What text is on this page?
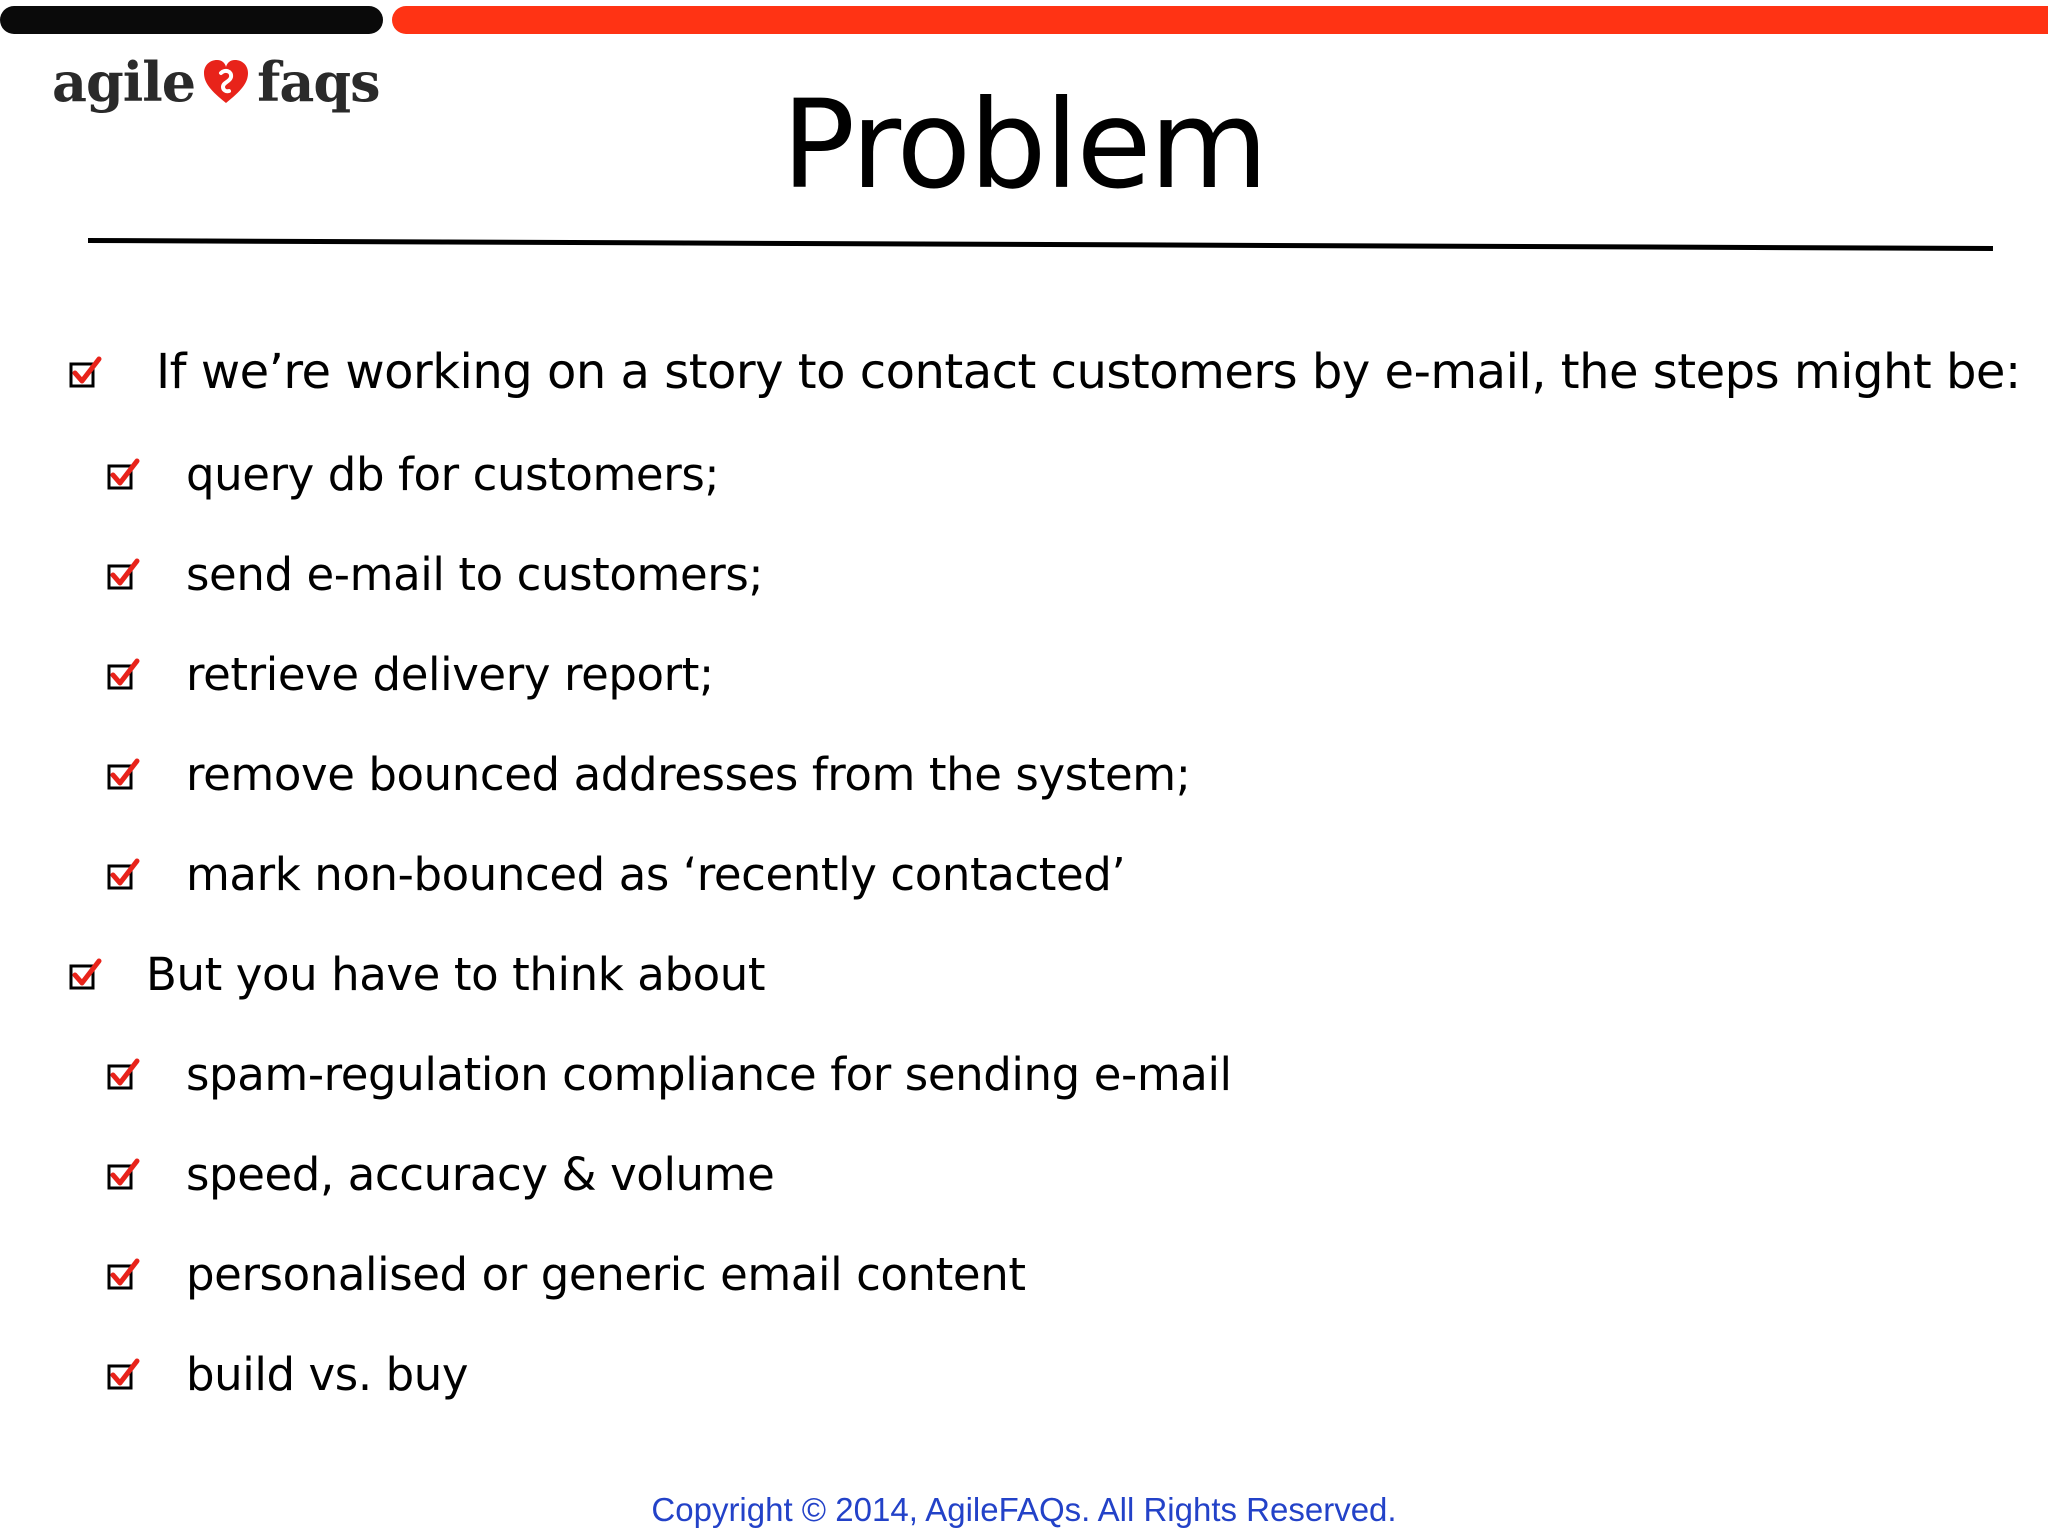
agile faqs	Problem
If we’re working on a story to contact customers by e-mail, the steps might be:
query db for customers;
send e-mail to customers;
retrieve delivery report;
remove bounced addresses from the system;
mark non-bounced as ‘recently contacted’
But you have to think about
spam-regulation compliance for sending e-mail
speed, accuracy & volume
personalised or generic email content
build vs. buy
Copyright © 2014, AgileFAQs. All Rights Reserved.
